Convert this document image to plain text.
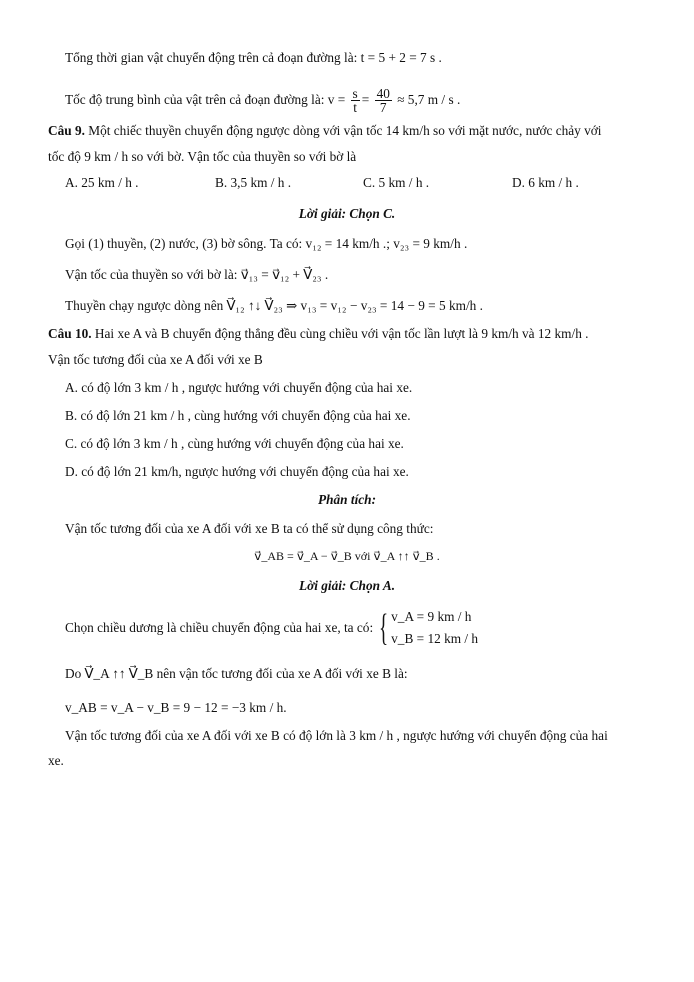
Tổng thời gian vật chuyển động trên cả đoạn đường là: t = 5 + 2 = 7 s .
Tốc độ trung bình của vật trên cả đoạn đường là: $v = \frac{s}{t} = \frac{40}{7} \approx 5,7$ m / s .
Câu 9. Một chiếc thuyền chuyển động ngược dòng với vận tốc 14 km/h so với mặt nước, nước chảy với
tốc độ 9 km / h so với bờ. Vận tốc của thuyền so với bờ là
A. 25 km / h .	B. 3,5 km / h .	C. 5 km / h .	D. 6 km / h .
Lời giải: Chọn C.
Gọi (1) thuyền, (2) nước, (3) bờ sông. Ta có: v₁₂ = 14 km/h .; v₂₃ = 9 km/h .
Vận tốc của thuyền so với bờ là: v⃗₁₃ = v⃗₁₂ + V⃗₂₃ .
Thuyền chạy ngược dòng nên V⃗₁₂ ↑↓ V⃗₂₃ ⇒ v₁₃ = v₁₂ − v₂₃ = 14 − 9 = 5 km/h .
Câu 10. Hai xe A và B chuyển động thẳng đều cùng chiều với vận tốc lần lượt là 9 km/h và 12 km/h .
Vận tốc tương đối của xe A đối với xe B
A. có độ lớn 3 km / h , ngược hướng với chuyển động của hai xe.
B. có độ lớn 21 km / h , cùng hướng với chuyển động của hai xe.
C. có độ lớn 3 km / h , cùng hướng với chuyển động của hai xe.
D. có độ lớn 21 km/h, ngược hướng với chuyển động của hai xe.
Phân tích:
Vận tốc tương đối của xe A đối với xe B ta có thể sử dụng công thức:
v⃗_AB = v⃗_A − v⃗_B với v⃗_A ↑↑ v⃗_B .
Lời giải: Chọn A.
Chọn chiều dương là chiều chuyển động của hai xe, ta có: { v_A = 9 km / h
v_B = 12 km / h
Do V⃗_A ↑↑ V⃗_B nên vận tốc tương đối của xe A đối với xe B là:
v_AB = v_A − v_B = 9 − 12 = −3 km / h.
Vận tốc tương đối của xe A đối với xe B có độ lớn là 3 km / h , ngược hướng với chuyển động của hai
xe.
